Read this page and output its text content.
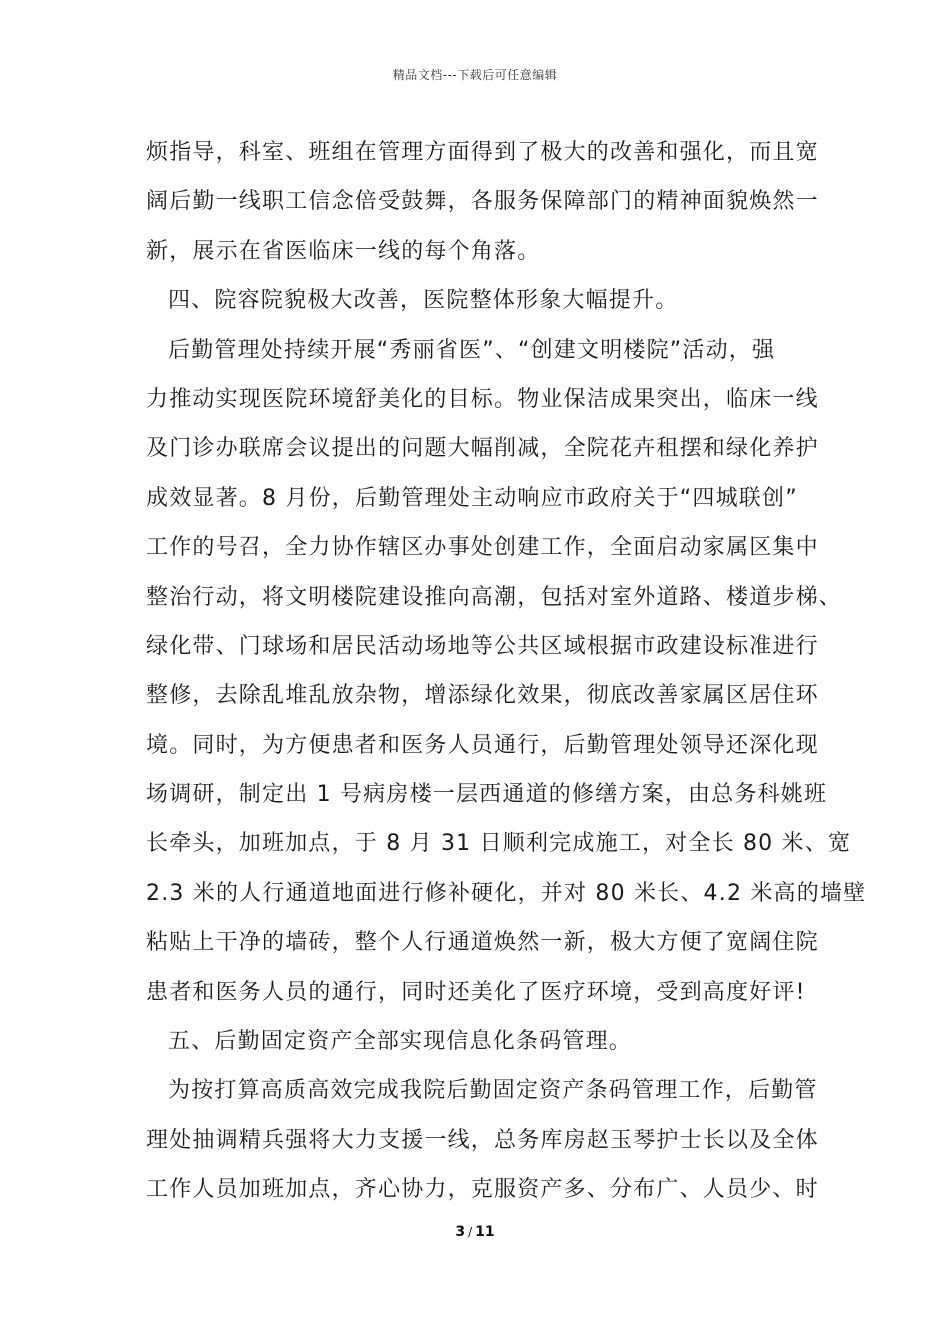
精品文档---下载后可任意编辑
烦指导，科室、班组在管理方面得到了极大的改善和强化，而且宽
阔后勤一线职工信念倍受鼓舞，各服务保障部门的精神面貌焕然一
新，展示在省医临床一线的每个角落。
四、院容院貌极大改善，医院整体形象大幅提升。
后勤管理处持续开展“秀丽省医”、“创建文明楼院”活动，强
力推动实现医院环境舒美化的目标。物业保洁成果突出，临床一线
及门诊办联席会议提出的问题大幅削减，全院花卉租摆和绿化养护
成效显著。8 月份，后勤管理处主动响应市政府关于“四城联创”
工作的号召，全力协作辖区办事处创建工作，全面启动家属区集中
整治行动，将文明楼院建设推向高潮，包括对室外道路、楼道步梯、
绿化带、门球场和居民活动场地等公共区域根据市政建设标准进行
整修，去除乱堆乱放杂物，增添绿化效果，彻底改善家属区居住环
境。同时，为方便患者和医务人员通行，后勤管理处领导还深化现
场调研，制定出 1 号病房楼一层西通道的修缮方案，由总务科姚班
长牵头，加班加点，于 8 月 31 日顺利完成施工，对全长 80 米、宽
2.3 米的人行通道地面进行修补硬化，并对 80 米长、4.2 米高的墙壁
粘贴上干净的墙砖，整个人行通道焕然一新，极大方便了宽阔住院
患者和医务人员的通行，同时还美化了医疗环境，受到高度好评!
五、后勤固定资产全部实现信息化条码管理。
为按打算高质高效完成我院后勤固定资产条码管理工作，后勤管
理处抽调精兵强将大力支援一线，总务库房赵玉琴护士长以及全体
工作人员加班加点，齐心协力，克服资产多、分布广、人员少、时
3 / 11
